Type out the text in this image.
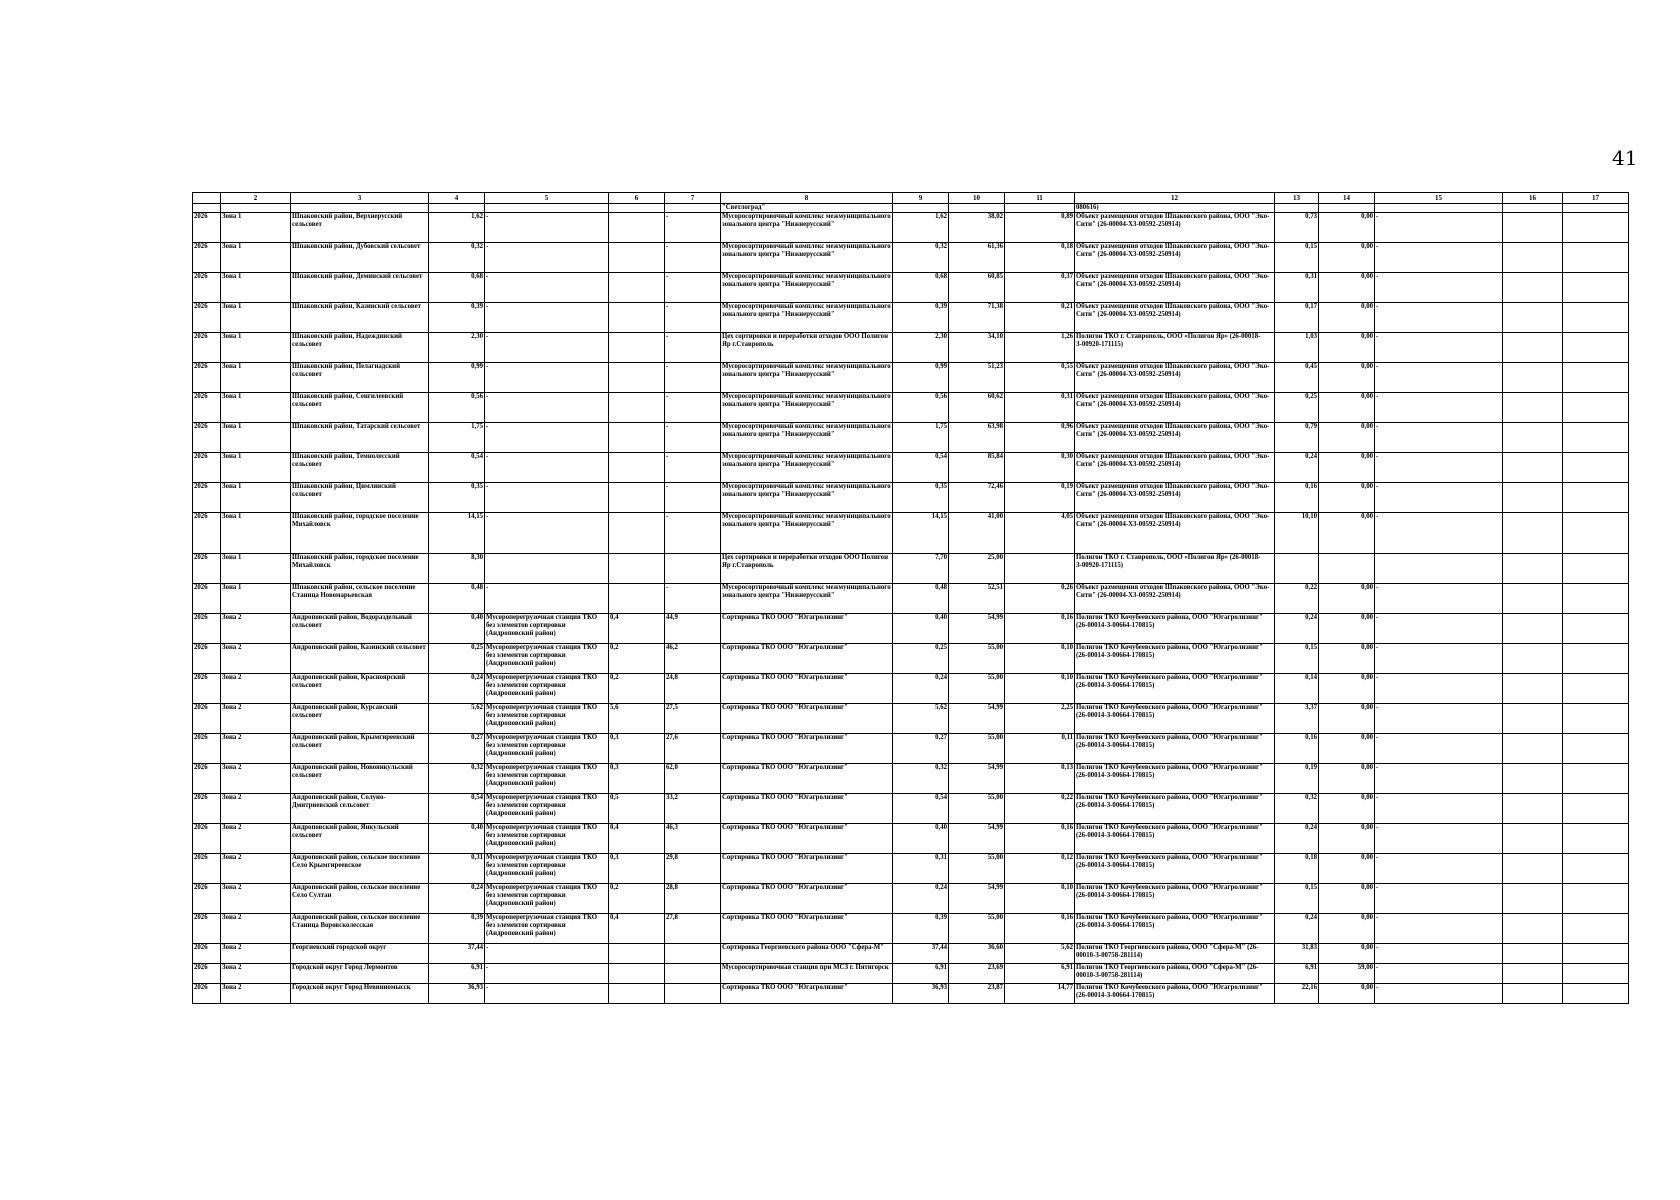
41
	2	3	4	5	6	7	8	9	10	11	12	13	14	15	16	17
							"Светлоград"				080616)					
2026	Зона 1	Шпаковский район, Верхнерусский сельсовет	1,62	-		-	Мусоросортировочный комплекс межмуниципального зонального центра "Нижнерусский"	1,62	38,02	0,89	Объект размещения отходов Шпаковского района, ООО "Эко-Сити" (26-00004-Х3-00592-250914)	0,73	0,00	-		
2026	Зона 1	Шпаковский район, Дубовский сельсовет	0,32	-		-	Мусоросортировочный комплекс межмуниципального зонального центра "Нижнерусский"	0,32	61,36	0,18	Объект размещения отходов Шпаковского района, ООО "Эко-Сити" (26-00004-Х3-00592-250914)	0,15	0,00	-		
2026	Зона 1	Шпаковский район, Деминский сельсовет	0,68	-		-	Мусоросортировочный комплекс межмуниципального зонального центра "Нижнерусский"	0,68	60,85	0,37	Объект размещения отходов Шпаковского района, ООО "Эко-Сити" (26-00004-Х3-00592-250914)	0,31	0,00	-		
2026	Зона 1	Шпаковский район, Казинский сельсовет	0,39	-		-	Мусоросортировочный комплекс межмуниципального зонального центра "Нижнерусский"	0,39	71,38	0,21	Объект размещения отходов Шпаковского района, ООО "Эко-Сити" (26-00004-Х3-00592-250914)	0,17	0,00	-		
2026	Зона 1	Шпаковский район, Надеждинский сельсовет	2,30	-		-	Цех сортировки и переработки отходов ООО Полигон Яр г.Ставрополь	2,30	34,10	1,26	Полигон ТКО г. Ставрополь, ООО «Полигон Яр» (26-00018-З-00920-171115)	1,03	0,00	-		
2026	Зона 1	Шпаковский район, Пелагиадский сельсовет	0,99	-		-	Мусоросортировочный комплекс межмуниципального зонального центра "Нижнерусский"	0,99	51,23	0,55	Объект размещения отходов Шпаковского района, ООО "Эко-Сити" (26-00004-Х3-00592-250914)	0,45	0,00	-		
2026	Зона 1	Шпаковский район, Сенгилеевский сельсовет	0,56	-		-	Мусоросортировочный комплекс межмуниципального зонального центра "Нижнерусский"	0,56	60,62	0,31	Объект размещения отходов Шпаковского района, ООО "Эко-Сити" (26-00004-Х3-00592-250914)	0,25	0,00	-		
2026	Зона 1	Шпаковский район, Татарский сельсовет	1,75	-		-	Мусоросортировочный комплекс межмуниципального зонального центра "Нижнерусский"	1,75	63,98	0,96	Объект размещения отходов Шпаковского района, ООО "Эко-Сити" (26-00004-Х3-00592-250914)	0,79	0,00	-		
2026	Зона 1	Шпаковский район, Темнолесский сельсовет	0,54	-		-	Мусоросортировочный комплекс межмуниципального зонального центра "Нижнерусский"	0,54	85,84	0,30	Объект размещения отходов Шпаковского района, ООО "Эко-Сити" (26-00004-Х3-00592-250914)	0,24	0,00	-		
2026	Зона 1	Шпаковский район, Цимлянский сельсовет	0,35	-		-	Мусоросортировочный комплекс межмуниципального зонального центра "Нижнерусский"	0,35	72,46	0,19	Объект размещения отходов Шпаковского района, ООО "Эко-Сити" (26-00004-Х3-00592-250914)	0,16	0,00	-		
2026	Зона 1	Шпаковский район, городское поселение Михайловск	14,15	-		-	Мусоросортировочный комплекс межмуниципального зонального центра "Нижнерусский"	14,15	41,00	4,05	Объект размещения отходов Шпаковского района, ООО "Эко-Сити" (26-00004-Х3-00592-250914)	10,10	0,00	-		
2026	Зона 1	Шпаковский район, городское поселение Михайловск	8,30				Цех сортировки и переработки отходов ООО Полигон Яр г.Ставрополь	7,70	25,00		Полигон ТКО г. Ставрополь, ООО «Полигон Яр» (26-00018-З-00920-171115)					
2026	Зона 1	Шпаковский район, сельское поселение Станица Новомарьевская	0,48	-		-	Мусоросортировочный комплекс межмуниципального зонального центра "Нижнерусский"	0,48	52,51	0,26	Объект размещения отходов Шпаковского района, ООО "Эко-Сити" (26-00004-Х3-00592-250914)	0,22	0,00	-		
2026	Зона 2	Андроповский район, Водораздельный сельсовет	0,40	Мусороперегрузочная станция ТКО без элементов сортировки (Андроповский район)	0,4	44,9	Сортировка ТКО ООО "Югагролизинг"	0,40	54,99	0,16	Полигон ТКО Кочубеевского района, ООО "Югагролизинг" (26-00014-З-00664-170815)	0,24	0,00	-		
2026	Зона 2	Андроповский район, Казинский сельсовет	0,25	Мусороперегрузочная станция ТКО без элементов сортировки (Андроповский район)	0,2	46,2	Сортировка ТКО ООО "Югагролизинг"	0,25	55,00	0,10	Полигон ТКО Кочубеевского района, ООО "Югагролизинг" (26-00014-З-00664-170815)	0,15	0,00	-		
2026	Зона 2	Андроповский район, Красноярский сельсовет	0,24	Мусороперегрузочная станция ТКО без элементов сортировки (Андроповский район)	0,2	24,8	Сортировка ТКО ООО "Югагролизинг"	0,24	55,00	0,10	Полигон ТКО Кочубеевского района, ООО "Югагролизинг" (26-00014-З-00664-170815)	0,14	0,00	-		
2026	Зона 2	Андроповский район, Курсавский сельсовет	5,62	Мусороперегрузочная станция ТКО без элементов сортировки (Андроповский район)	5,6	27,5	Сортировка ТКО ООО "Югагролизинг"	5,62	54,99	2,25	Полигон ТКО Кочубеевского района, ООО "Югагролизинг" (26-00014-З-00664-170815)	3,37	0,00	-		
2026	Зона 2	Андроповский район, Крымгиреевский сельсовет	0,27	Мусороперегрузочная станция ТКО без элементов сортировки (Андроповский район)	0,3	27,6	Сортировка ТКО ООО "Югагролизинг"	0,27	55,00	0,11	Полигон ТКО Кочубеевского района, ООО "Югагролизинг" (26-00014-З-00664-170815)	0,16	0,00	-		
2026	Зона 2	Андроповский район, Новоянкульский сельсовет	0,32	Мусороперегрузочная станция ТКО без элементов сортировки (Андроповский район)	0,3	62,0	Сортировка ТКО ООО "Югагролизинг"	0,32	54,99	0,13	Полигон ТКО Кочубеевского района, ООО "Югагролизинг" (26-00014-З-00664-170815)	0,19	0,00	-		
2026	Зона 2	Андроповский район, Солуно-Дмитриевский сельсовет	0,54	Мусороперегрузочная станция ТКО без элементов сортировки (Андроповский район)	0,5	33,2	Сортировка ТКО ООО "Югагролизинг"	0,54	55,00	0,22	Полигон ТКО Кочубеевского района, ООО "Югагролизинг" (26-00014-З-00664-170815)	0,32	0,00	-		
2026	Зона 2	Андроповский район, Янкульский сельсовет	0,40	Мусороперегрузочная станция ТКО без элементов сортировки (Андроповский район)	0,4	46,3	Сортировка ТКО ООО "Югагролизинг"	0,40	54,99	0,16	Полигон ТКО Кочубеевского района, ООО "Югагролизинг" (26-00014-З-00664-170815)	0,24	0,00	-		
2026	Зона 2	Андроповский район, сельское поселение Село Крымгиреевское	0,31	Мусороперегрузочная станция ТКО без элементов сортировки (Андроповский район)	0,3	29,8	Сортировка ТКО ООО "Югагролизинг"	0,31	55,00	0,12	Полигон ТКО Кочубеевского района, ООО "Югагролизинг" (26-00014-З-00664-170815)	0,18	0,00	-		
2026	Зона 2	Андроповский район, сельское поселение Село Султан	0,24	Мусороперегрузочная станция ТКО без элементов сортировки (Андроповский район)	0,2	28,8	Сортировка ТКО ООО "Югагролизинг"	0,24	54,99	0,10	Полигон ТКО Кочубеевского района, ООО "Югагролизинг" (26-00014-З-00664-170815)	0,15	0,00	-		
2026	Зона 2	Андроповский район, сельское поселение Станица Воровсколесская	0,39	Мусороперегрузочная станция ТКО без элементов сортировки (Андроповский район)	0,4	27,8	Сортировка ТКО ООО "Югагролизинг"	0,39	55,00	0,16	Полигон ТКО Кочубеевского района, ООО "Югагролизинг" (26-00014-З-00664-170815)	0,24	0,00	-		
2026	Зона 2	Георгиевский городской округ	37,44	-			Сортировка Георгиевского района ООО "Сфера-М"	37,44	36,60	5,62	Полигон ТКО Георгиевского района, ООО "Сфера-М" (26-00010-З-00758-281114)	31,83	0,00	-		
2026	Зона 2	Городской округ Город Лермонтов	6,91	-			Мусоросортировочная станция при МСЗ г. Пятигорск	6,91	23,69	6,91	Полигон ТКО Георгиевского района, ООО "Сфера-М" (26-00010-З-00758-281114)	6,91	59,00	-		
2026	Зона 2	Городской округ Город Невинномысск	36,93	-			Сортировка ТКО ООО "Югагролизинг"	36,93	23,87	14,77	Полигон ТКО Кочубеевского района, ООО "Югагролизинг" (26-00014-З-00664-170815)	22,16	0,00	-		
